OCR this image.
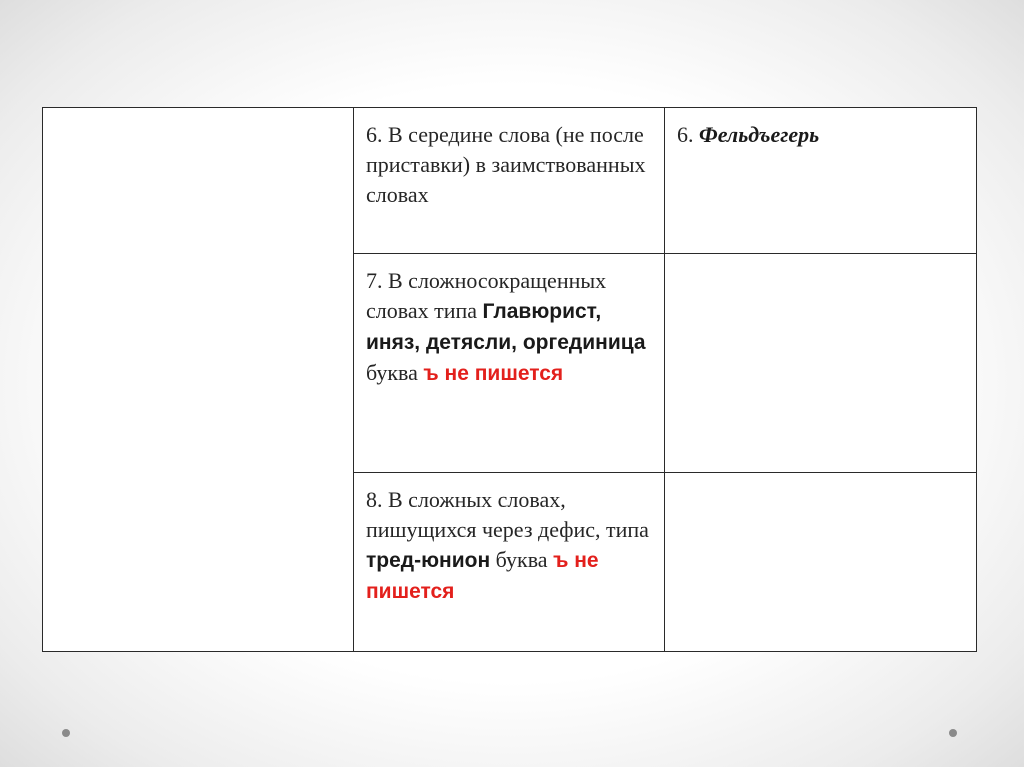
	6. В середине слова (не после приставки) в заимствованных словах	6. Фельдъегерь
	7. В сложносокращенных словах типа Главюрист, иняз, детясли, оргединица буква ъ не пишется	
	8. В сложных словах, пишущихся через дефис, типа тред-юнион буква ъ не пишется	
